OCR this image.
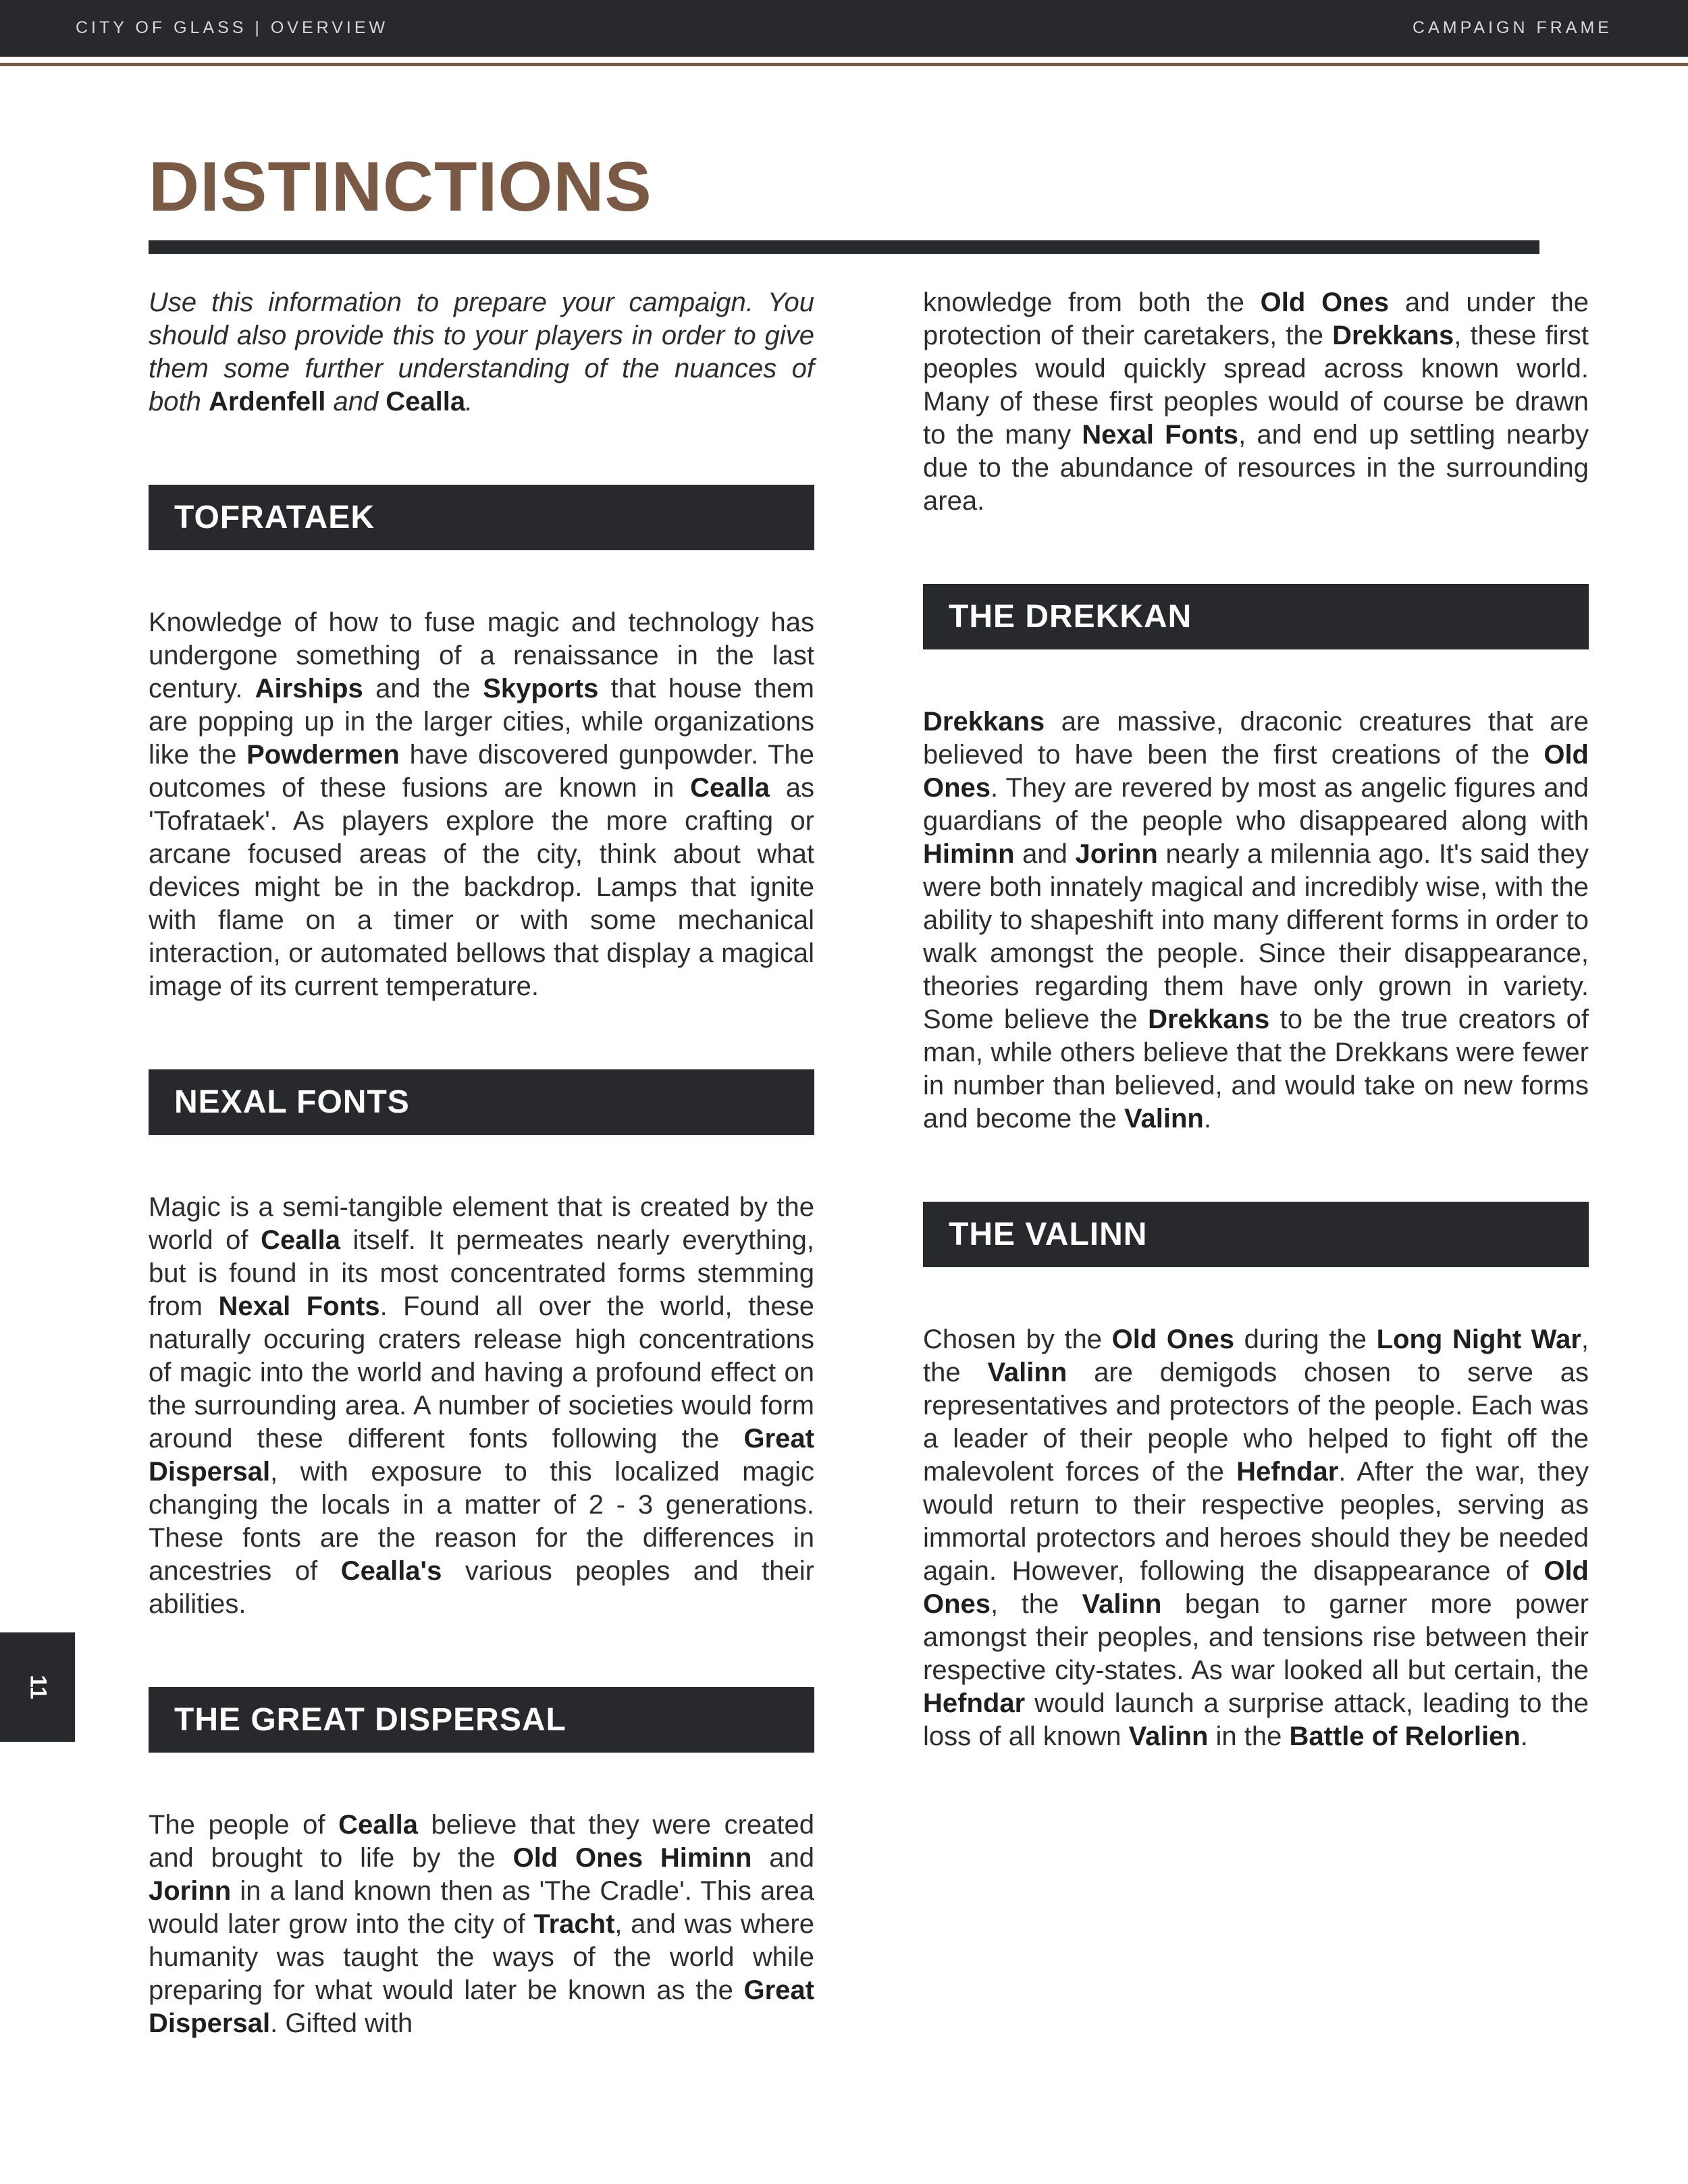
CITY OF GLASS | OVERVIEW	CAMPAIGN FRAME
DISTINCTIONS

Use this information to prepare your campaign. You should also provide this to your players in order to give them some further understanding of the nuances of both Ardenfell and Cealla.

TOFRATAEK

Knowledge of how to fuse magic and technology has undergone something of a renaissance in the last century. Airships and the Skyports that house them are popping up in the larger cities, while organizations like the Powdermen have discovered gunpowder. The outcomes of these fusions are known in Cealla as 'Tofrataek'. As players explore the more crafting or arcane focused areas of the city, think about what devices might be in the backdrop. Lamps that ignite with flame on a timer or with some mechanical interaction, or automated bellows that display a magical image of its current temperature.

NEXAL FONTS

Magic is a semi-tangible element that is created by the world of Cealla itself. It permeates nearly everything, but is found in its most concentrated forms stemming from Nexal Fonts. Found all over the world, these naturally occuring craters release high concentrations of magic into the world and having a profound effect on the surrounding area. A number of societies would form around these different fonts following the Great Dispersal, with exposure to this localized magic changing the locals in a matter of 2 - 3 generations. These fonts are the reason for the differences in ancestries of Cealla's various peoples and their abilities.

THE GREAT DISPERSAL

The people of Cealla believe that they were created and brought to life by the Old Ones Himinn and Jorinn in a land known then as 'The Cradle'. This area would later grow into the city of Tracht, and was where humanity was taught the ways of the world while preparing for what would later be known as the Great Dispersal. Gifted with

knowledge from both the Old Ones and under the protection of their caretakers, the Drekkans, these first peoples would quickly spread across known world. Many of these first peoples would of course be drawn to the many Nexal Fonts, and end up settling nearby due to the abundance of resources in the surrounding area.

THE DREKKAN

Drekkans are massive, draconic creatures that are believed to have been the first creations of the Old Ones. They are revered by most as angelic figures and guardians of the people who disappeared along with Himinn and Jorinn nearly a milennia ago. It's said they were both innately magical and incredibly wise, with the ability to shapeshift into many different forms in order to walk amongst the people. Since their disappearance, theories regarding them have only grown in variety. Some believe the Drekkans to be the true creators of man, while others believe that the Drekkans were fewer in number than believed, and would take on new forms and become the Valinn.

THE VALINN

Chosen by the Old Ones during the Long Night War, the Valinn are demigods chosen to serve as representatives and protectors of the people. Each was a leader of their people who helped to fight off the malevolent forces of the Hefndar. After the war, they would return to their respective peoples, serving as immortal protectors and heroes should they be needed again. However, following the disappearance of Old Ones, the Valinn began to garner more power amongst their peoples, and tensions rise between their respective city-states. As war looked all but certain, the Hefndar would launch a surprise attack, leading to the loss of all known Valinn in the Battle of Relorlien.

11
